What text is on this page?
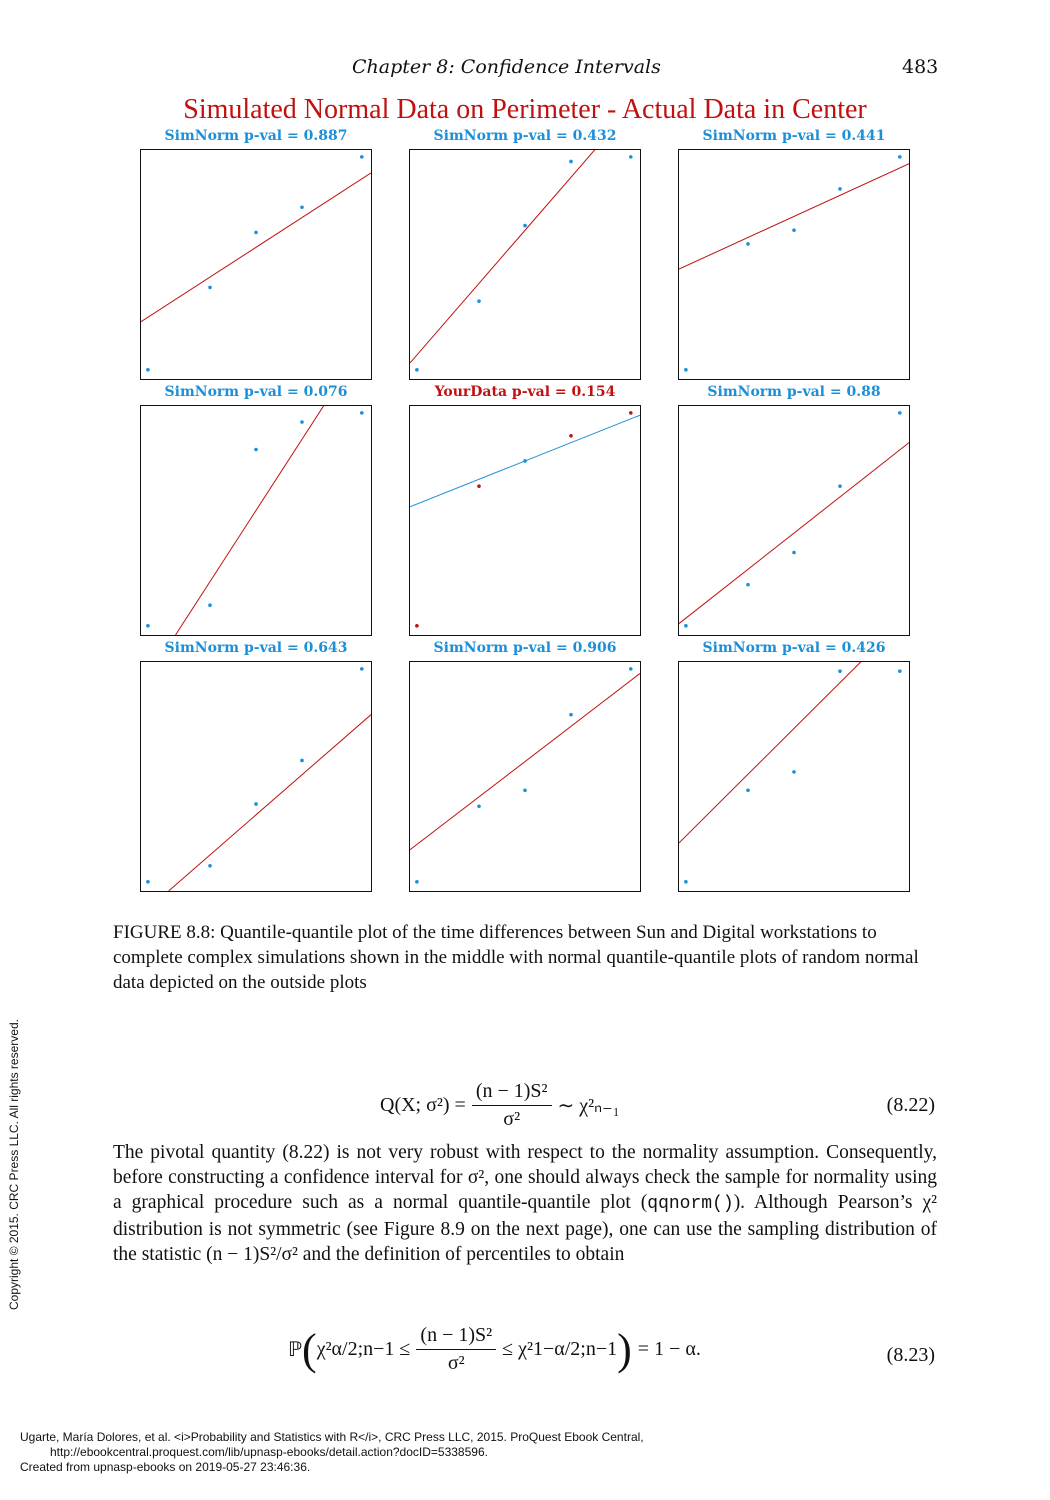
Chapter 8: Confidence Intervals	483
Simulated Normal Data on Perimeter - Actual Data in Center
SimNorm p-val = 0.887	SimNorm p-val = 0.432	SimNorm p-val = 0.441
SimNorm p-val = 0.076	YourData p-val = 0.154	SimNorm p-val = 0.88
SimNorm p-val = 0.643	SimNorm p-val = 0.906	SimNorm p-val = 0.426
FIGURE 8.8: Quantile-quantile plot of the time differences between Sun and Digital workstations to complete complex simulations shown in the middle with normal quantile-quantile plots of random normal data depicted on the outside plots
Q(X; $\sigma^2) = \frac{\text{(n − 1)S²}}{\text{σ²}}$ ∼ χ²ₙ₋₁	(8.22)
The pivotal quantity (8.22) is not very robust with respect to the normality assumption. Consequently, before constructing a confidence interval for σ², one should always check the sample for normality using a graphical procedure such as a normal quantile-quantile plot (qqnorm()). Although Pearson’s χ² distribution is not symmetric (see Figure 8.9 on the next page), one can use the sampling distribution of the statistic (n − 1)S²/σ² and the definition of percentiles to obtain
ℙ ( χ²α/2;n−1 ≤ $\frac{\text{(n − 1)S²}}{\text{σ²}}$ ≤ χ²1−α/2;n−1 ) = 1 − α.	(8.23)
Copyright © 2015. CRC Press LLC. All rights reserved.
Ugarte, María Dolores, et al. <i>Probability and Statistics with R</i>, CRC Press LLC, 2015. ProQuest Ebook Central,
http://ebookcentral.proquest.com/lib/upnasp-ebooks/detail.action?docID=5338596.
Created from upnasp-ebooks on 2019-05-27 23:46:36.
